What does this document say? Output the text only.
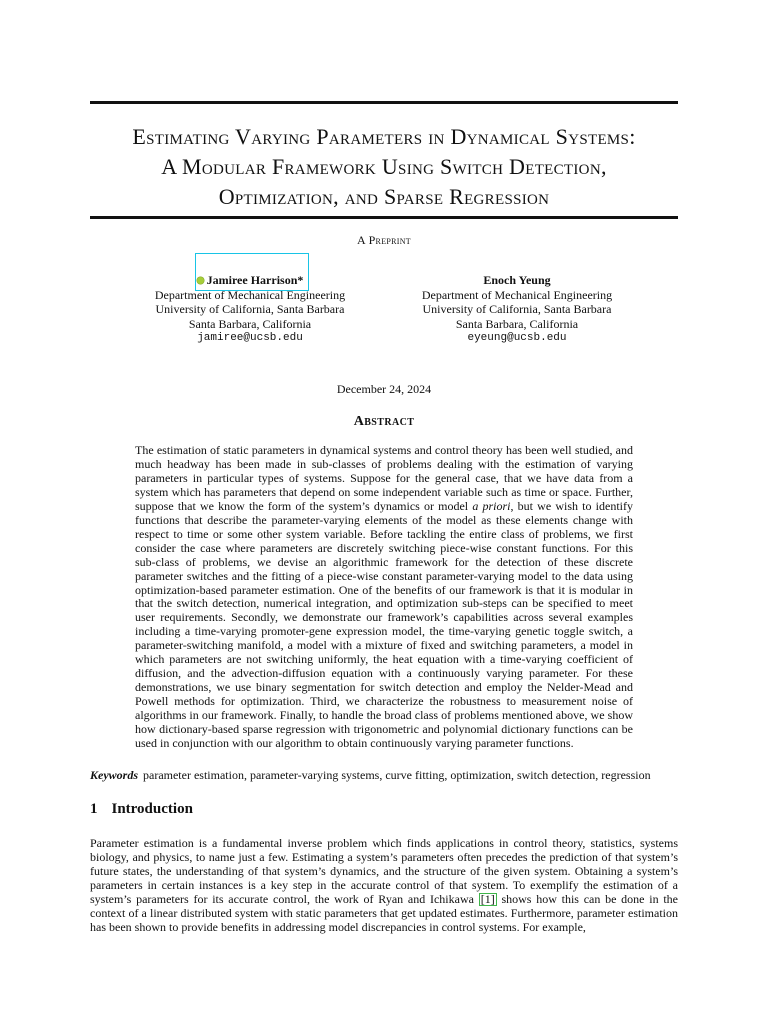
Estimating Varying Parameters in Dynamical Systems:
A Modular Framework Using Switch Detection,
Optimization, and Sparse Regression
A Preprint
Jamiree Harrison*
Department of Mechanical Engineering
University of California, Santa Barbara
Santa Barbara, California
jamiree@ucsb.edu
Enoch Yeung
Department of Mechanical Engineering
University of California, Santa Barbara
Santa Barbara, California
eyeung@ucsb.edu
December 24, 2024
Abstract
The estimation of static parameters in dynamical systems and control theory has been well studied, and much headway has been made in sub-classes of problems dealing with the estimation of varying parameters in particular types of systems. Suppose for the general case, that we have data from a system which has parameters that depend on some independent variable such as time or space. Further, suppose that we know the form of the system’s dynamics or model a priori, but we wish to identify functions that describe the parameter-varying elements of the model as these elements change with respect to time or some other system variable. Before tackling the entire class of problems, we first consider the case where parameters are discretely switching piece-wise constant functions. For this sub-class of problems, we devise an algorithmic framework for the detection of these discrete parameter switches and the fitting of a piece-wise constant parameter-varying model to the data using optimization-based parameter estimation. One of the benefits of our framework is that it is modular in that the switch detection, numerical integration, and optimization sub-steps can be specified to meet user requirements. Secondly, we demonstrate our framework’s capabilities across several examples including a time-varying promoter-gene expression model, the time-varying genetic toggle switch, a parameter-switching manifold, a model with a mixture of fixed and switching parameters, a model in which parameters are not switching uniformly, the heat equation with a time-varying coefficient of diffusion, and the advection-diffusion equation with a continuously varying parameter. For these demonstrations, we use binary segmentation for switch detection and employ the Nelder-Mead and Powell methods for optimization. Third, we characterize the robustness to measurement noise of algorithms in our framework. Finally, to handle the broad class of problems mentioned above, we show how dictionary-based sparse regression with trigonometric and polynomial dictionary functions can be used in conjunction with our algorithm to obtain continuously varying parameter functions.
Keywords parameter estimation, parameter-varying systems, curve fitting, optimization, switch detection, regression
1 Introduction
Parameter estimation is a fundamental inverse problem which finds applications in control theory, statistics, systems biology, and physics, to name just a few. Estimating a system’s parameters often precedes the prediction of that system’s future states, the understanding of that system’s dynamics, and the structure of the given system. Obtaining a system’s parameters in certain instances is a key step in the accurate control of that system. To exemplify the estimation of a system’s parameters for its accurate control, the work of Ryan and Ichikawa [1] shows how this can be done in the context of a linear distributed system with static parameters that get updated estimates. Furthermore, parameter estimation has been shown to provide benefits in addressing model discrepancies in control systems. For example,
